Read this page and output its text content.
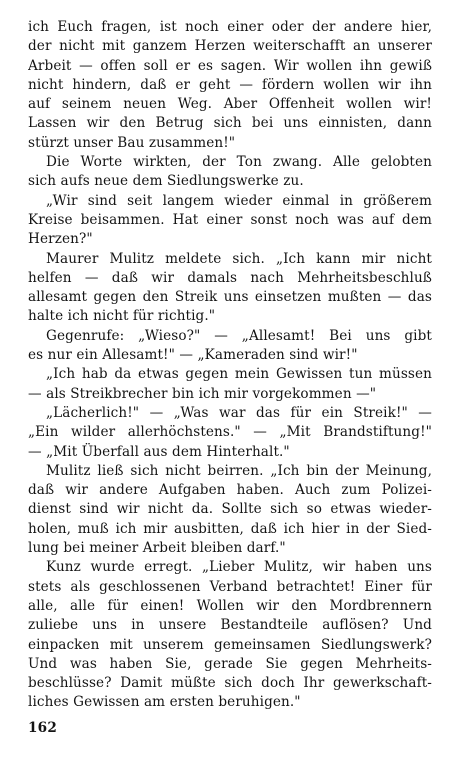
ich Euch fragen, ist noch einer oder der andere hier,
der nicht mit ganzem Herzen weiterschafft an unserer
Arbeit — offen soll er es sagen. Wir wollen ihn gewiß
nicht hindern, daß er geht — fördern wollen wir ihn
auf seinem neuen Weg. Aber Offenheit wollen wir!
Lassen wir den Betrug sich bei uns einnisten, dann
stürzt unser Bau zusammen!"
Die Worte wirkten, der Ton zwang. Alle gelobten
sich aufs neue dem Siedlungswerke zu.
„Wir sind seit langem wieder einmal in größerem
Kreise beisammen. Hat einer sonst noch was auf dem
Herzen?"
Maurer Mulitz meldete sich. „Ich kann mir nicht
helfen — daß wir damals nach Mehrheitsbeschluß
allesamt gegen den Streik uns einsetzen mußten — das
halte ich nicht für richtig."
Gegenrufe: „Wieso?" — „Allesamt! Bei uns gibt
es nur ein Allesamt!" — „Kameraden sind wir!"
„Ich hab da etwas gegen mein Gewissen tun müssen
— als Streikbrecher bin ich mir vorgekommen —"
„Lächerlich!" — „Was war das für ein Streik!" —
„Ein wilder allerhöchstens." — „Mit Brandstiftung!"
— „Mit Überfall aus dem Hinterhalt."
Mulitz ließ sich nicht beirren. „Ich bin der Meinung,
daß wir andere Aufgaben haben. Auch zum Polizei-
dienst sind wir nicht da. Sollte sich so etwas wieder-
holen, muß ich mir ausbitten, daß ich hier in der Sied-
lung bei meiner Arbeit bleiben darf."
Kunz wurde erregt. „Lieber Mulitz, wir haben uns
stets als geschlossenen Verband betrachtet! Einer für
alle, alle für einen! Wollen wir den Mordbrennern
zuliebe uns in unsere Bestandteile auflösen? Und
einpacken mit unserem gemeinsamen Siedlungswerk?
Und was haben Sie, gerade Sie gegen Mehrheits-
beschlüsse? Damit müßte sich doch Ihr gewerkschaft-
liches Gewissen am ersten beruhigen."
162
